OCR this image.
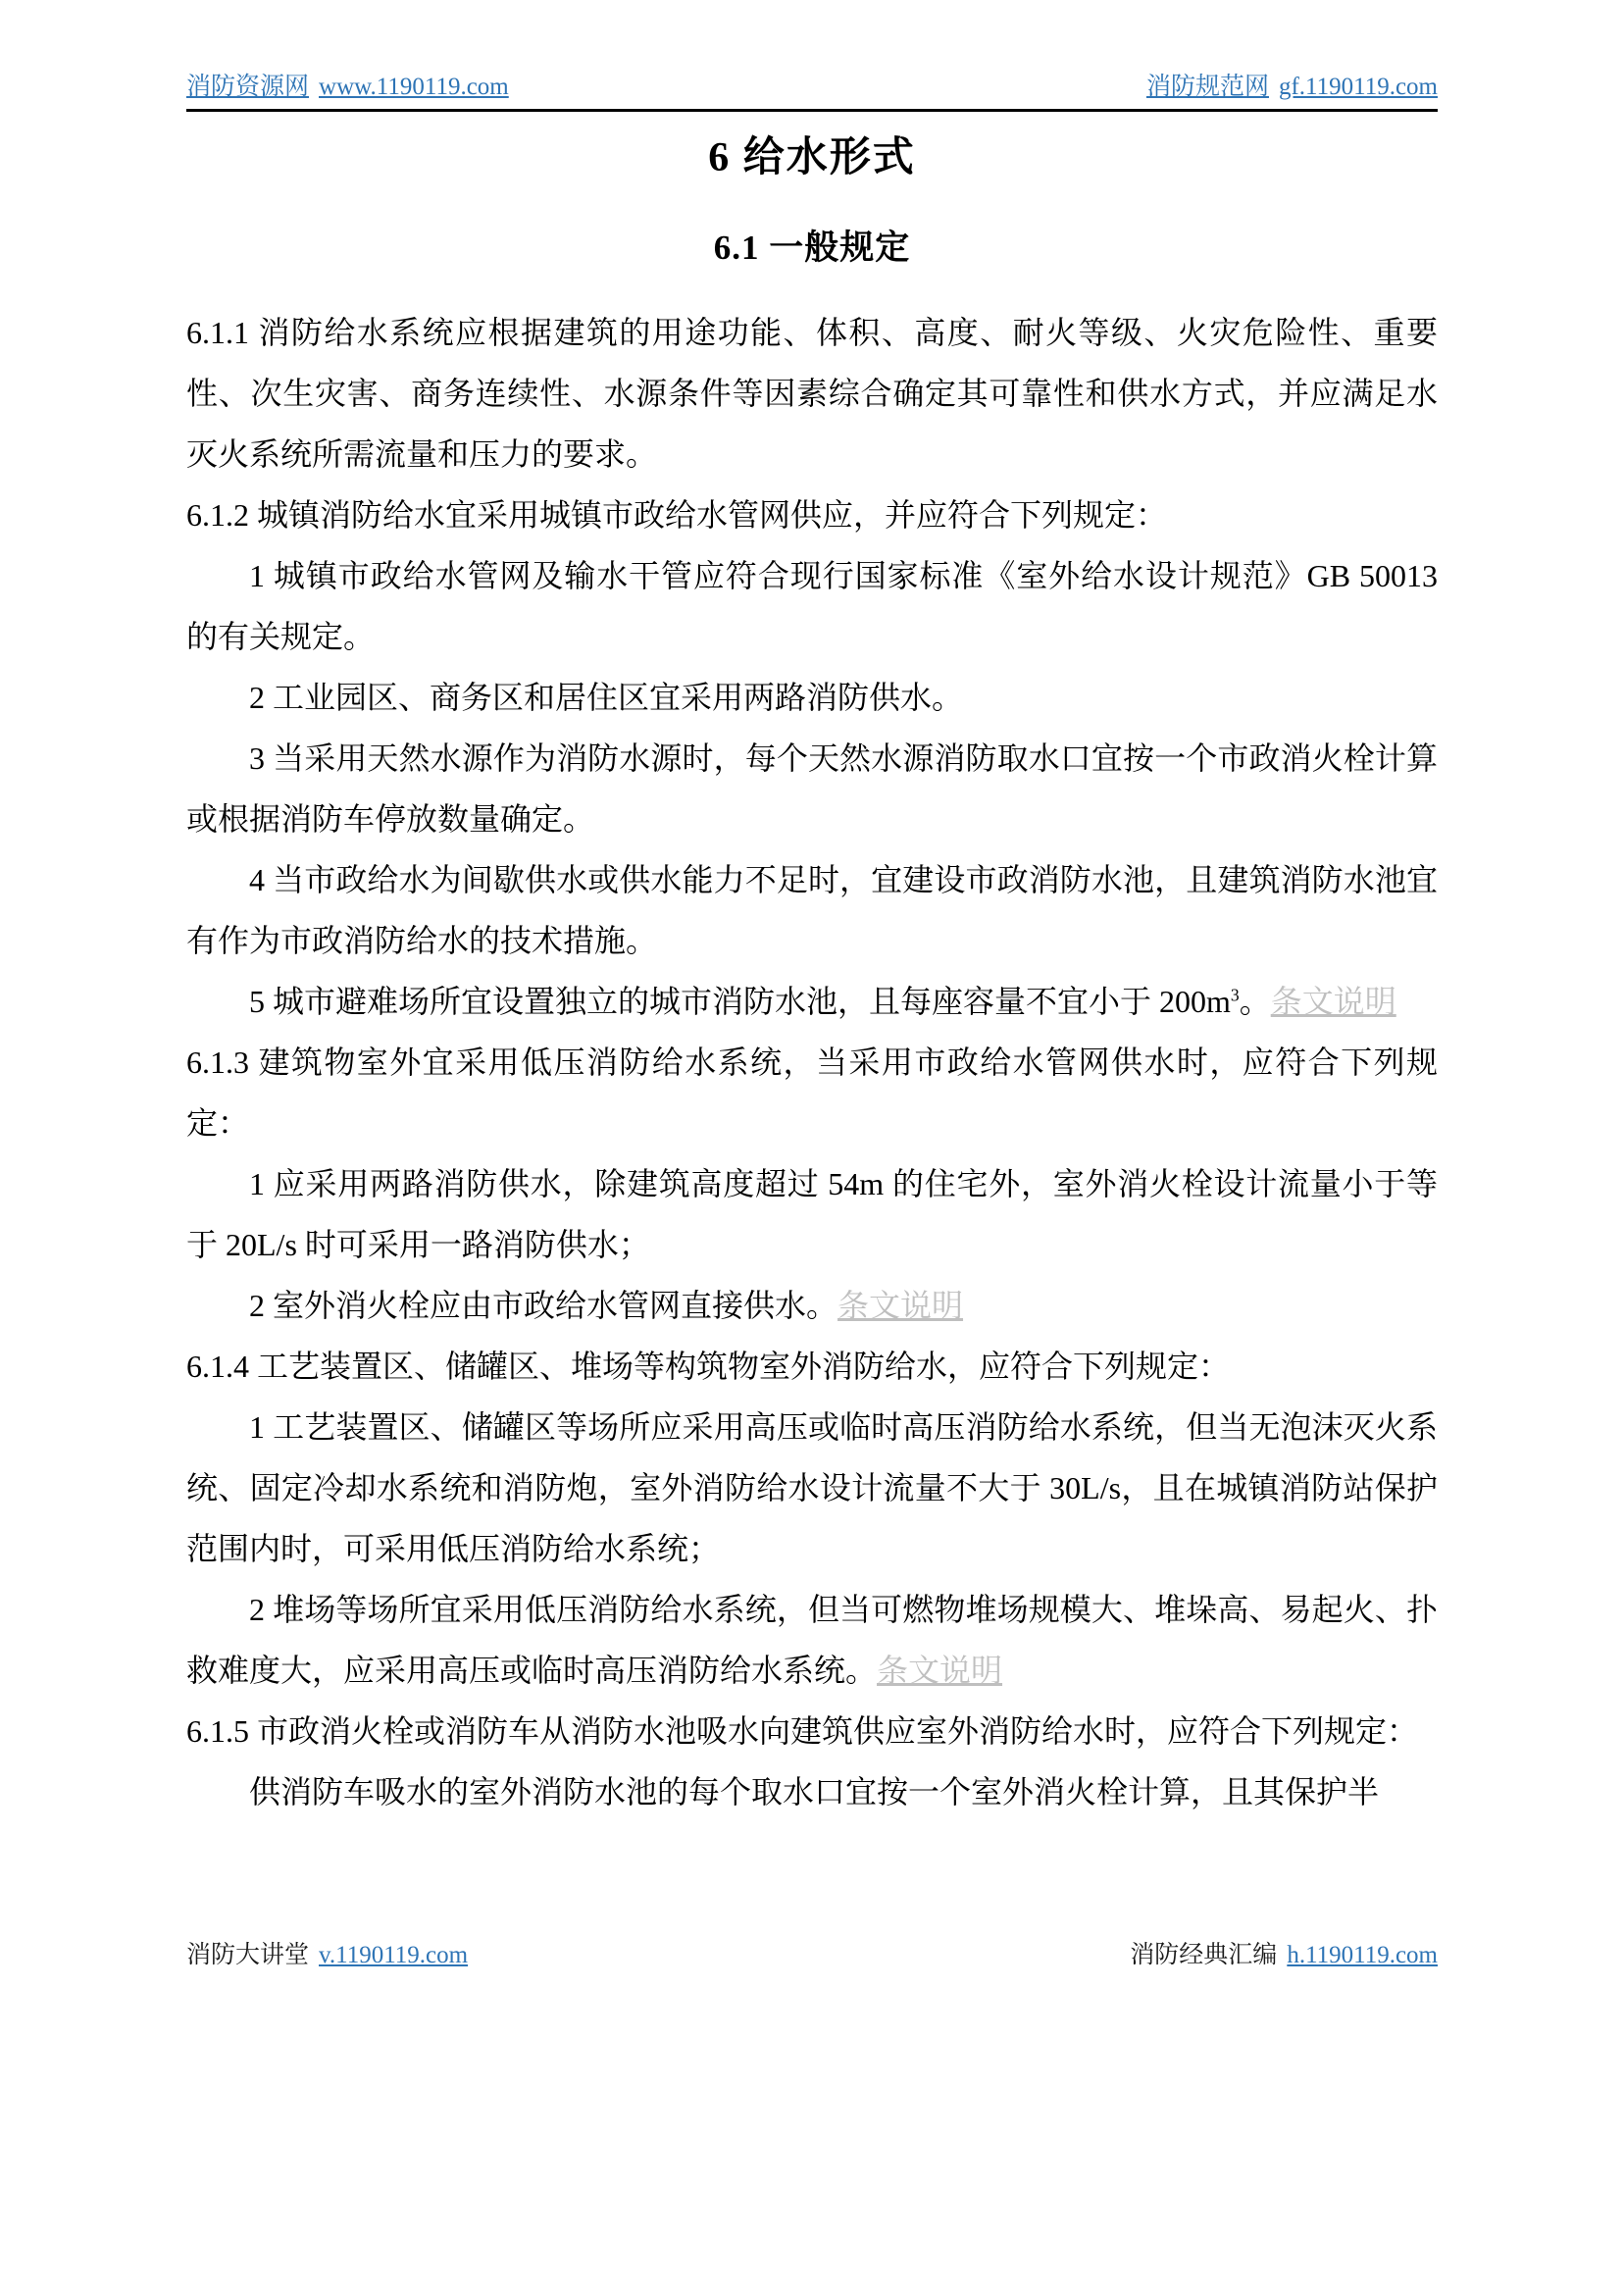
消防资源网 www.1190119.com	消防规范网 gf.1190119.com
6 给水形式
6.1 一般规定

6.1.1 消防给水系统应根据建筑的用途功能、体积、高度、耐火等级、火灾危险性、重要性、次生灾害、商务连续性、水源条件等因素综合确定其可靠性和供水方式，并应满足水灭火系统所需流量和压力的要求。

6.1.2 城镇消防给水宜采用城镇市政给水管网供应，并应符合下列规定：

1 城镇市政给水管网及输水干管应符合现行国家标准《室外给水设计规范》GB 50013 的有关规定。

2 工业园区、商务区和居住区宜采用两路消防供水。

3 当采用天然水源作为消防水源时，每个天然水源消防取水口宜按一个市政消火栓计算或根据消防车停放数量确定。

4 当市政给水为间歇供水或供水能力不足时，宜建设市政消防水池，且建筑消防水池宜有作为市政消防给水的技术措施。

5 城市避难场所宜设置独立的城市消防水池，且每座容量不宜小于 $200m^3$。条文说明

6.1.3 建筑物室外宜采用低压消防给水系统，当采用市政给水管网供水时，应符合下列规定：

1 应采用两路消防供水，除建筑高度超过 54m 的住宅外，室外消火栓设计流量小于等于 20L/s 时可采用一路消防供水；

2 室外消火栓应由市政给水管网直接供水。条文说明

6.1.4 工艺装置区、储罐区、堆场等构筑物室外消防给水，应符合下列规定：

1 工艺装置区、储罐区等场所应采用高压或临时高压消防给水系统，但当无泡沫灭火系统、固定冷却水系统和消防炮，室外消防给水设计流量不大于 30L/s，且在城镇消防站保护范围内时，可采用低压消防给水系统；

2 堆场等场所宜采用低压消防给水系统，但当可燃物堆场规模大、堆垛高、易起火、扑救难度大，应采用高压或临时高压消防给水系统。条文说明

6.1.5 市政消火栓或消防车从消防水池吸水向建筑供应室外消防给水时，应符合下列规定：

供消防车吸水的室外消防水池的每个取水口宜按一个室外消火栓计算，且其保护半

消防大讲堂 v.1190119.com	消防经典汇编 h.1190119.com
